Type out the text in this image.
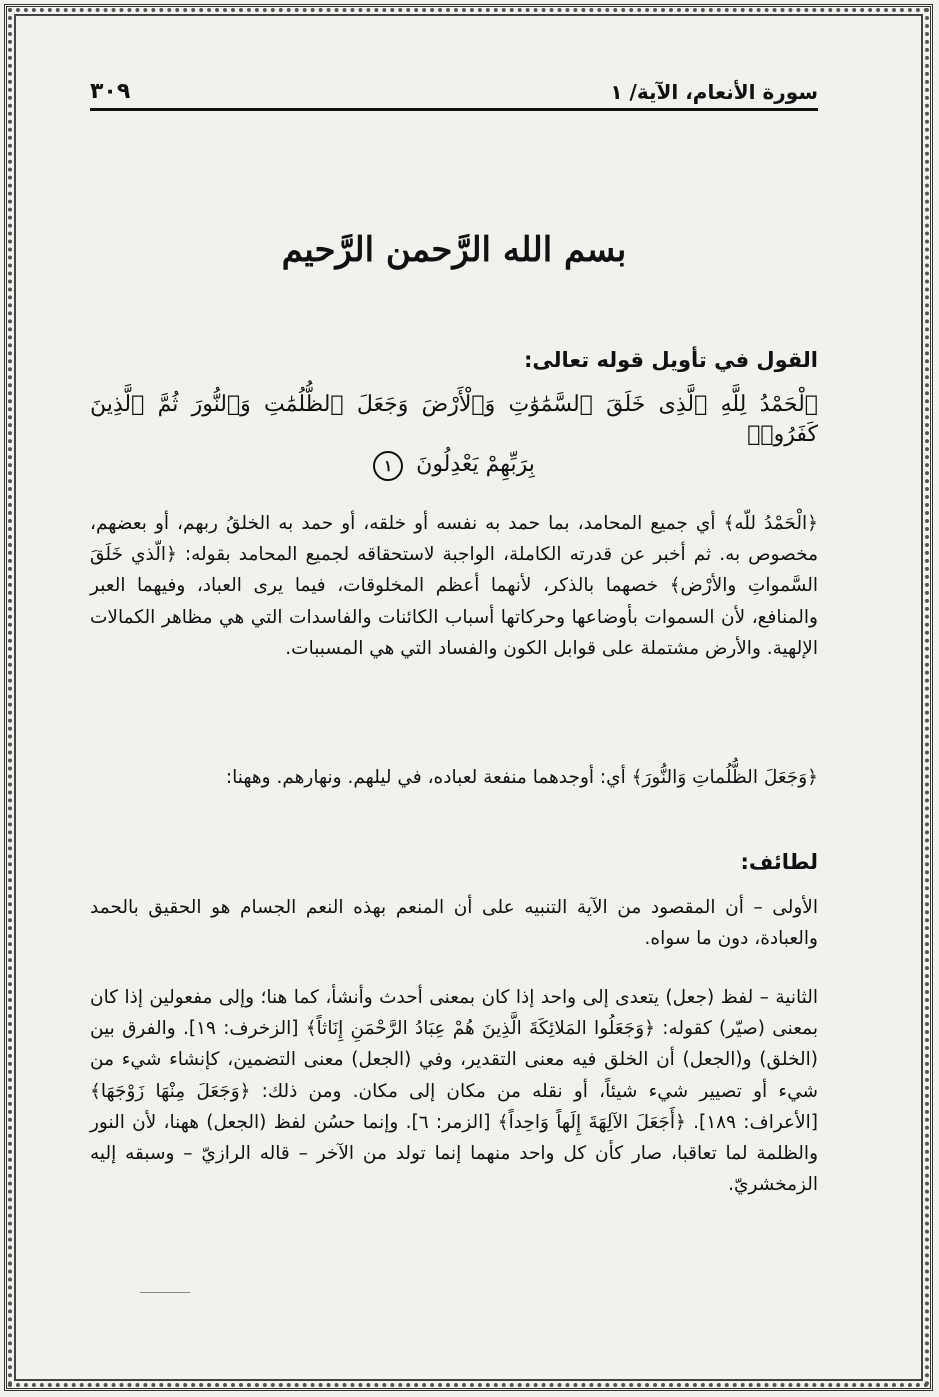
٣٠٩	سورة الأنعام، الآية/ ١
بسم الله الرَّحمن الرَّحيم
القول في تأويل قوله تعالى:
ٱلْحَمْدُ لِلَّهِ ٱلَّذِى خَلَقَ ٱلسَّمَٰوَٰتِ وَٱلْأَرْضَ وَجَعَلَ ٱلظُّلُمَٰتِ وَٱلنُّورَ ثُمَّ ٱلَّذِينَ كَفَرُوا۟
بِرَبِّهِمْ يَعْدِلُونَ ١
﴿الْحَمْدُ للّه﴾ أي جميع المحامد، بما حمد به نفسه أو خلقه، أو حمد به الخلقُ ربهم، أو بعضهم، مخصوص به. ثم أخبر عن قدرته الكاملة، الواجبة لاستحقاقه لجميع المحامد بقوله: ﴿الّذي خَلَقَ السَّمواتِ والأرْض﴾ خصهما بالذكر، لأنهما أعظم المخلوقات، فيما يرى العباد، وفيهما العبر والمنافع، لأن السموات بأوضاعها وحركاتها أسباب الكائنات والفاسدات التي هي مظاهر الكمالات الإلهية. والأرض مشتملة على قوابل الكون والفساد التي هي المسببات.
﴿وَجَعَلَ الظُّلُماتِ وَالنُّورَ﴾ أي: أوجدهما منفعة لعباده، في ليلهم. ونهارهم. وههنا:
لطائف:
الأولى – أن المقصود من الآية التنبيه على أن المنعم بهذه النعم الجسام هو الحقيق بالحمد والعبادة، دون ما سواه.
الثانية – لفظ (جعل) يتعدى إلى واحد إذا كان بمعنى أحدث وأنشأ، كما هنا؛ وإلى مفعولين إذا كان بمعنى (صيّر) كقوله: ﴿وَجَعَلُوا المَلائِكَةَ الَّذِينَ هُمْ عِبَادُ الرَّحْمَنِ إِنَاثاً﴾ [الزخرف: ١٩]. والفرق بين (الخلق) و(الجعل) أن الخلق فيه معنى التقدير، وفي (الجعل) معنى التضمين، كإنشاء شيء من شيء أو تصيير شيء شيئاً، أو نقله من مكان إلى مكان. ومن ذلك: ﴿وَجَعَلَ مِنْهَا زَوْجَهَا﴾ [الأعراف: ١٨٩]. ﴿أَجَعَلَ الآلِهَةَ إِلَهاً وَاحِداً﴾ [الزمر: ٦]. وإنما حسُن لفظ (الجعل) ههنا، لأن النور والظلمة لما تعاقبا، صار كأن كل واحد منهما إنما تولد من الآخر – قاله الرازيّ – وسبقه إليه الزمخشريّ.
